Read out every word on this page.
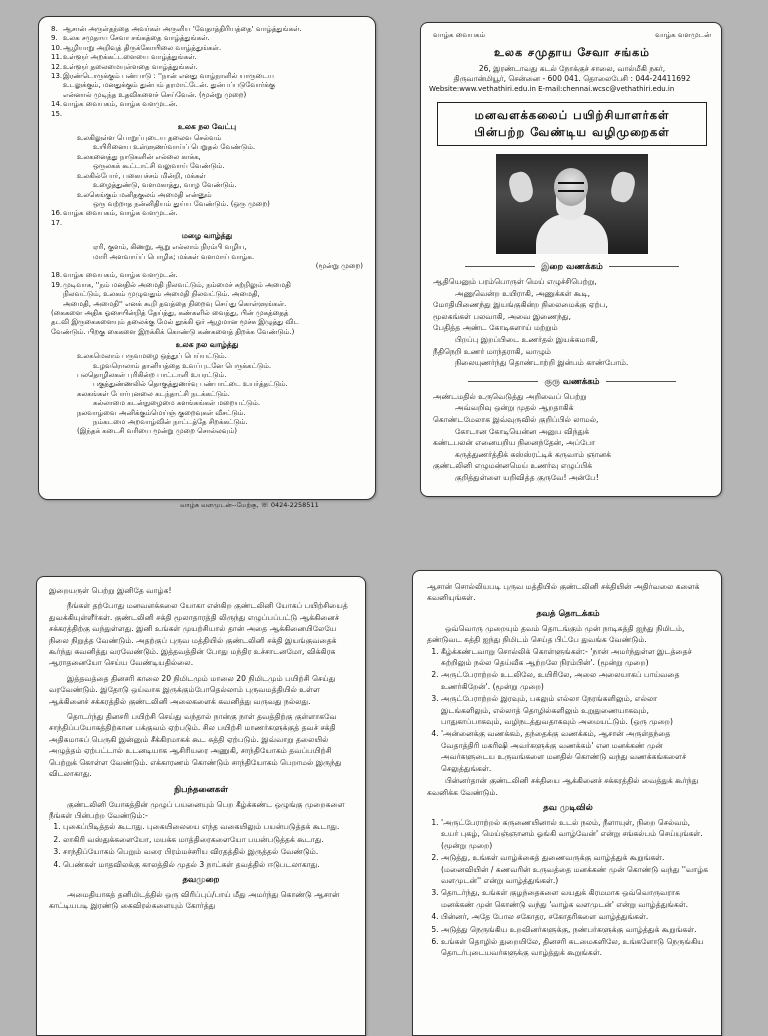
8. ஆசான் அருள்தந்தை அவர்கள் அருளிய 'வேதாத்திரியத்தை' வாழ்த்துங்கள்.
9. உலக சமுதாய சேவா சங்கத்தை வாழ்த்துங்கள்.
10.ஆழியாறு அறிவுத் திருக்கோயிலை வாழ்த்துங்கள்.
11.உள்ளூர் அறக்கட்டளையை வாழ்த்துங்கள்.
12.உள்ளூர் தலைமையுள்ளதை வாழ்த்துங்கள்.
13.இரண்டொருக்கும் பண்பாடு : ''நான் எனது வாழ்நாளில் யாருடைய
உடலுக்கும், மனதுக்கும் துன்பம் தரமாட்டேன். துன்பப்படுவோர்க்கு
என்னால் முடிந்த உதவிகளைச் செய்வேன். (மூன்று முறை)
14.வாழ்க வையகம், வாழ்க வளமுடன்.
15.
உலக நல வேட்பு
உலகிலுள்ள பொறுப்புடைய தலைவ செல்வம்
உயிரினைய உள்ளுணர்வாய்ப் பெறுதல் வேண்டும்.
உலகனைத்து நாடுகளின் எல்லை காக்க,
ஒருலகக் கூட்டாட்சி வலுவாய் வேண்டும்.
உலகில்போர், பகையச்சம் மின்றி, மக்கள்
உழைத்துண்டு, வளமகாத்து, வாழ வேண்டும்.
உலகெங்கும் மனிதகுலம் அமைதி என்னும்
ஒரு வற்றாத நன்னிதியம் துய்ய வேண்டும். (ஒரு முறை)
16.வாழ்க வையகம், வாழ்க வளமுடன்.
17.
மழை வாழ்த்து
ஏரி, குளம், கிணறு, ஆறு எல்லாம் நிரம்பி வழிய,
மாரி அளவாய்ப் பொழிக; மக்கள் வளமாய் வாழ்க.
(மூன்று முறை)
18.வாழ்க வையகம், வாழ்க வளமுடன்.
19.முடிவாக, ''நம் மனதில் அமைதி நிலவட்டும், நம்மைச் சுற்றிலும் அமைதி
நிலவட்டும், உலகம் முழுவதும் அமைதி நிலவட்டும். அமைதி,
அமைதி, அமைதி'' எனக் கூறி தவத்தை நிறைவு செய்து கொள்ளுங்கள்.
(கைகளை அதிக ஓசையின்றித் தேய்த்து, கண்களில் வைத்து, பின் முகத்தைத்
தடவி இருகைகளையும் தலைக்கு மேல் தூக்கி ஓர் ஆழமான மூச்சு இழுத்து விட
வேண்டும். பிறகு கைகளை இறக்கிக் கொண்டு கண்களைத் திறக்க வேண்டும்.)
உலக நல வாழ்த்து
உலகமெலாம் பருவமழை ஒத்துப் பெய்யட்டும்.
உழவரொலாம் தானியத்தை உவப்புடனே பெருக்கட்டும்.
பலதொழிலகள் புரிகின்ற பாட்டாளி உயரட்டும்.
பகுத்துண்ணலில் தொகுத்துணர்வு பண்பாட்டை உயர்த்தட்டும்.
கலகங்கள் போர்புனலை கடந்தாட்சி நடக்கட்டும்.
கல்லாமை கடன்நுழைமை களங்கங்கள் மறையட்டும்.
நலவாழ்வை அனிக்கும்மெய்ஞ் குறைவுகள் வீசட்டும்.
நம்கடமை அறவாழ்வின் நாட்டத்தே சிறக்கட்டும்.
(இந்தக் கடைசி வரியை மூன்று முறை சொல்லவும்)
வாழ்க வளமுடன்--மேற்கு, ☏ 0424-2258511
வாழ்க வையகம்	வாழ்க வளமுடன்
உலக சமுதாய சேவா சங்கம்
26, இரண்டாவது கடல் நோக்குச் சாலை, வால்மீகி நகர்,
திருவான்மியூர், சென்னை - 600 041. தொலைபேசி : 044-24411692
Website:www.vethathiri.edu.in E-mail:chennai.wcsc@vethathiri.edu.in
மனவளக்கலைப் பயிற்சியாளர்கள்
பின்பற்ற வேண்டிய வழிமுறைகள்
இறை வணக்கம்
ஆதியெனும் பரம்பொருள் மெய் எழுச்சிபெற்று,
அணுவென்ற உயிராகி, அணுக்கள் கூடி,
மோதியிணைந்து இயங்குகின்ற நிலைமைக்கு ஏற்ப,
மூலகங்கள் பலவாகி, அவை இணைந்து,
பேதித்த அண்ட கோடிகளாய் மற்றும்
பிறப்பு இறப்பிடை உணர்தல் இயக்கமாகி,
நீதிநெறி உணர் மாந்தராகி, வாழும்
நிலையுணர்ந்து தொண்டாற்றி இன்பம் காண்போம்.
குரு வணக்கம்
அண்டமதில் உருவெடுத்து அறிவைப் பெற்று
அவ்வறிவு ஒன்று முதல் ஆறதாகிக்
கொண்டமேலாக இவ்வுருவில் குறிப்பில் லாமல்,
கோடான கோடியென்ன அனுப விந்துக்
கண்டபலன் எனையறிய நினைந்தேன், அப்போ
கருத்துணர்த்திக் கஸ்ஸ்ரட்டிக் கருவாம் ஞானக்
குண்டலினி எழுமன்னமெய் உணர்வு எழுப்பிக்
குறித்துள்ளை யறிவித்த குருவே! அன்பே!

இறையருள் பெற்று இனிதே வாழ்க!

நீங்கள் தற்போது மனவளக்கலை யோகா என்கிற குண்டலினி யோகப் பயிற்சியைத் துவக்கியுள்ளீர்கள். குண்டலினி சக்தி மூலாதாரத்தி லிருந்து எழுப்பப்பட்டு ஆக்கினைச் சக்கரத்திற்கு வந்துள்ளது. இனி உங்கள் முயற்சியால் தான் அதை ஆக்கினையிலேயே நிலை நிறுத்த வேண்டும். அதற்குப் புருவ மத்தியில் குண்டலினி சக்தி இயங்குவதைக் கூர்ந்து கவனித்து வரவேண்டும். இத்தவத்தின் போது மந்திர உச்சாடனமோ, விக்கிரக ஆராதனையோ செய்ய வேண்டியதில்லை.

இத்தவத்தை தினசரி காலை 20 நிமிடமும் மாலை 20 நிமிடமும் பயிற்சி செய்து வரவேண்டும். இதோடு ஒய்வாக இருக்கும்போதெல்லாம் புருவமத்தியில் உள்ள ஆக்கினைச் சக்கரத்தில் குண்டலினி அலைகளைக் கவனித்து வருவது நல்லது.

தொடர்ந்து தினசரி பயிற்சி செய்து வந்தால் நான்கு நாள் தவத்திற்கு குள்ளாகவே சாந்திப்பயோகத்திற்கான பக்குவம் ஏற்படும். சில பயிற்சி மாணர்களுக்குத் தவச் சக்தி அதிகமாகப் பெருகி இன்னும் சீக்கிரமாகக் கூட சுத்தி ஏற்படும். இவ்வாறு தலையில் அழுத்தம் ஏற்பட்டால் உடனடியாக ஆசிரியரை அணுகி, சாந்தியோகம் தவப்பயிற்சி பெற்றுக் கொள்ள வேண்டும். எக்காரணம் கொண்டும் சாந்தியோகம் பெறாமல் இருந்து விடலாகாது.

நிபந்தனைகள்

குண்டலினி யோகத்தின் முழுப் பயனையும் பெற கீழ்க்கண்ட ஒழுங்கு முறைகளை நீங்கள் பின்பற்ற வேண்டும்:-

1. புகைப்பிடித்தல் கூடாது. புகையிலையை எந்த வகையிலும் பயன்படுத்தக் கூடாது.
2. லாகிரி வஸ்துக்களையோ, மயக்க மாத்திரைகளையோ பயன்படுத்தக் கூடாது.
3. சாந்திப்யோகம் பெறும் வரை பிரம்மச்சரிய விரதத்தில் இருத்தல் வேண்டும்.
4. பெண்கள் மாதவிலக்கு காலத்தில் முதல் 3 நாட்கள் தவத்தில் ஈடுபடலாகாது.
தவமுறை

அமைதியாகத் தனிமிடத்தில் ஒரு விரிப்புப்/பாய் மீது அமர்ந்து கொண்டு ஆசான் காட்டியபடி இரண்டு கைவிரல்களையும் கோர்த்து

ஆசான் சொல்லியபடி புருவ மத்தியில் குண்டலினி சக்தியின் அதிர்வலை களைக் கவனியுங்கள்.

தவத் தொடக்கம்

ஒவ்வொரு முறையும் தவம் தொடங்கும் முன் நாடிசுத்தி ஐந்து நிமிடம், தண்டுவட சுத்தி ஐந்து நிமிடம் செய்த பிட்பே துவங்க வேண்டும்.

1. கீழ்க்கண்டவாறு சொல்லிக் கொள்ளுங்கள்:- 'நான் அமர்ந்துள்ள இடத்தைச் சுற்றிலும் நல்ல தெய்வீக ஆற்றலே நிரம்பின்'. (மூன்று முறை)
2. அருட்பேராற்றல் உடலிலே, உயிரிலே, அலை அலையாகப் பாய்வதை உணர்கிறேன்'. (மூன்று முறை)
3. அருட்பேராற்றல் இரவும், பகலும் எல்லா நேரங்களிலும், எல்லா இடங்களிலும், எல்லாத் தொழில்களிலும் உறுதுணையாகவும், பாதுகாப்பாகவும், வழிநடத்துவதாகவும் அமையட்டும். (ஒரு முறை)
4. 'அன்னைக்கு வணக்கம், தந்தைக்கு வணக்கம், ஆசான் அருள்தந்தை வேதாத்திரி மகரிஷி அவர்களுக்கு வணக்கம்' என மனக்கண் முன் அவர்களுடைய உருவங்களை மனதில் கொண்டு வந்து வணக்கங்களைச் செலுத்துங்கள்.

பின்னர்தான் குண்டலினி சக்தியை ஆக்கினைச் சக்கரத்தில் வைத்துக் கூர்ந்து கவனிக்க வேண்டும்.

தவ முடிவில்
1. 'அருட்பேராற்றல் கருணையினால் உடல் நலம், நீளாயுள், நிறை செல்வம், உயர் புகழ், மெய்ஞ்ஞானம் ஓங்கி வாழ்வேன்' என்று சங்கல்பம் செய்யுங்கள். (மூன்று முறை)
2. அடுத்து, உங்கள் வாழ்க்கைத் துணைவருக்கு வாழ்த்துக் கூறுங்கள். (மனைவியின் / கணவரின் உருவத்தை மனக்கண் முன் கொண்டு வந்து ''வாழ்க வளமுடன்'' என்று வாழ்த்துங்கள்.)
3. தொடர்ந்து, உங்கள் குழந்தைகளை வயதுக் கிரமமாக ஒவ்வொருவராக மனக்கண் முன் கொண்டு வந்து 'வாழ்க வளமுடன்' என்று வாழ்த்துங்கள்.
4. பின்னர், அதே போல சகோதர, சகோதரிகளை வாழ்த்துங்கள்.
5. அடுத்து நெருங்கிய உறவினர்களுக்கு, நண்பர்களுக்கு வாழ்த்துக் கூறுங்கள்.
6. உங்கள் தொழில் துறையிலே, தினசரி சுடமைகளிலே, உங்களோடு நெருங்கிய தொடர்புடையவர்களுக்கு வாழ்த்துக் கூறுங்கள்.
